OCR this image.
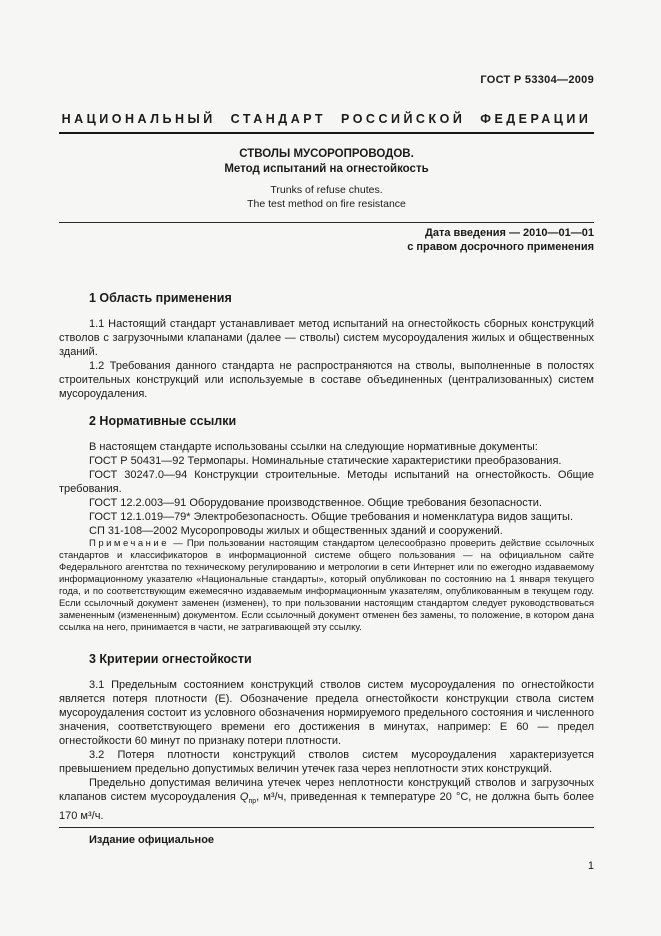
ГОСТ Р 53304—2009
НАЦИОНАЛЬНЫЙ СТАНДАРТ РОССИЙСКОЙ ФЕДЕРАЦИИ
СТВОЛЫ МУСОРОПРОВОДОВ.
Метод испытаний на огнестойкость
Trunks of refuse chutes.
The test method on fire resistance
Дата введения — 2010—01—01
с правом досрочного применения
1 Область применения

1.1 Настоящий стандарт устанавливает метод испытаний на огнестойкость сборных конструкций стволов с загрузочными клапанами (далее — стволы) систем мусороудаления жилых и общественных зданий.

1.2 Требования данного стандарта не распространяются на стволы, выполненные в полостях строительных конструкций или используемые в составе объединенных (централизованных) систем мусороудаления.

2 Нормативные ссылки

В настоящем стандарте использованы ссылки на следующие нормативные документы:

ГОСТ Р 50431—92 Термопары. Номинальные статические характеристики преобразования.

ГОСТ 30247.0—94 Конструкции строительные. Методы испытаний на огнестойкость. Общие требования.

ГОСТ 12.2.003—91 Оборудование производственное. Общие требования безопасности.

ГОСТ 12.1.019—79* Электробезопасность. Общие требования и номенклатура видов защиты.

СП 31-108—2002 Мусоропроводы жилых и общественных зданий и сооружений.

Примечание — При пользовании настоящим стандартом целесообразно проверить действие ссылочных стандартов и классификаторов в информационной системе общего пользования — на официальном сайте Федерального агентства по техническому регулированию и метрологии в сети Интернет или по ежегодно издаваемому информационному указателю «Национальные стандарты», который опубликован по состоянию на 1 января текущего года, и по соответствующим ежемесячно издаваемым информационным указателям, опубликованным в текущем году. Если ссылочный документ заменен (изменен), то при пользовании настоящим стандартом следует руководствоваться замененным (измененным) документом. Если ссылочный документ отменен без замены, то положение, в котором дана ссылка на него, принимается в части, не затрагивающей эту ссылку.

3 Критерии огнестойкости

3.1 Предельным состоянием конструкций стволов систем мусороудаления по огнестойкости является потеря плотности (Е). Обозначение предела огнестойкости конструкции ствола систем мусороудаления состоит из условного обозначения нормируемого предельного состояния и численного значения, соответствующего времени его достижения в минутах, например: Е 60 — предел огнестойкости 60 минут по признаку потери плотности.

3.2 Потеря плотности конструкций стволов систем мусороудаления характеризуется превышением предельно допустимых величин утечек газа через неплотности этих конструкций.

Предельно допустимая величина утечек через неплотности конструкций стволов и загрузочных клапанов систем мусороудаления $Q_{пр}$, м³/ч, приведенная к температуре 20 °С, не должна быть более 170 м³/ч.

Издание официальное
1
